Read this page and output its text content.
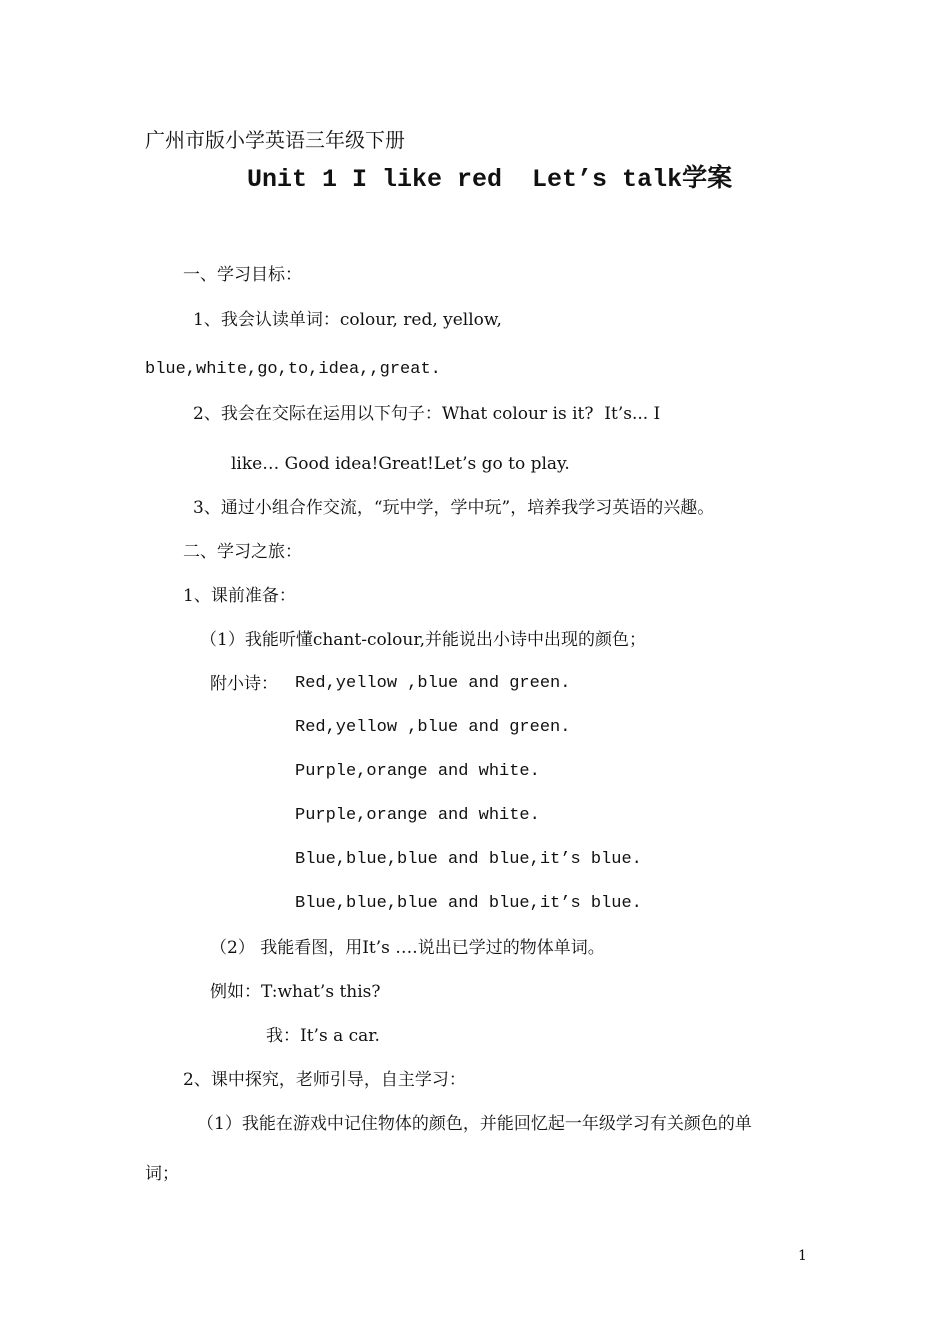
广州市版小学英语三年级下册
Unit 1 I like red  Let’s talk学案
一、学习目标：
1、我会认读单词：colour, red, yellow,
blue,white,go,to,idea,,great.
2、我会在交际在运用以下句子：What colour is it?  It’s... I
like… Good idea!Great!Let’s go to play.
3、通过小组合作交流，“玩中学，学中玩”，培养我学习英语的兴趣。
二、学习之旅：
1、课前准备：
（1）我能听懂chant-colour,并能说出小诗中出现的颜色；
附小诗： Red,yellow ,blue and green.
Red,yellow ,blue and green.
Purple,orange and white.
Purple,orange and white.
Blue,blue,blue and blue,it’s blue.
Blue,blue,blue and blue,it’s blue.
（2） 我能看图，用It’s ….说出已学过的物体单词。
例如：T:what’s this?
我：It’s a car.
2、课中探究，老师引导，自主学习：
（1）我能在游戏中记住物体的颜色，并能回忆起一年级学习有关颜色的单
词；
1
